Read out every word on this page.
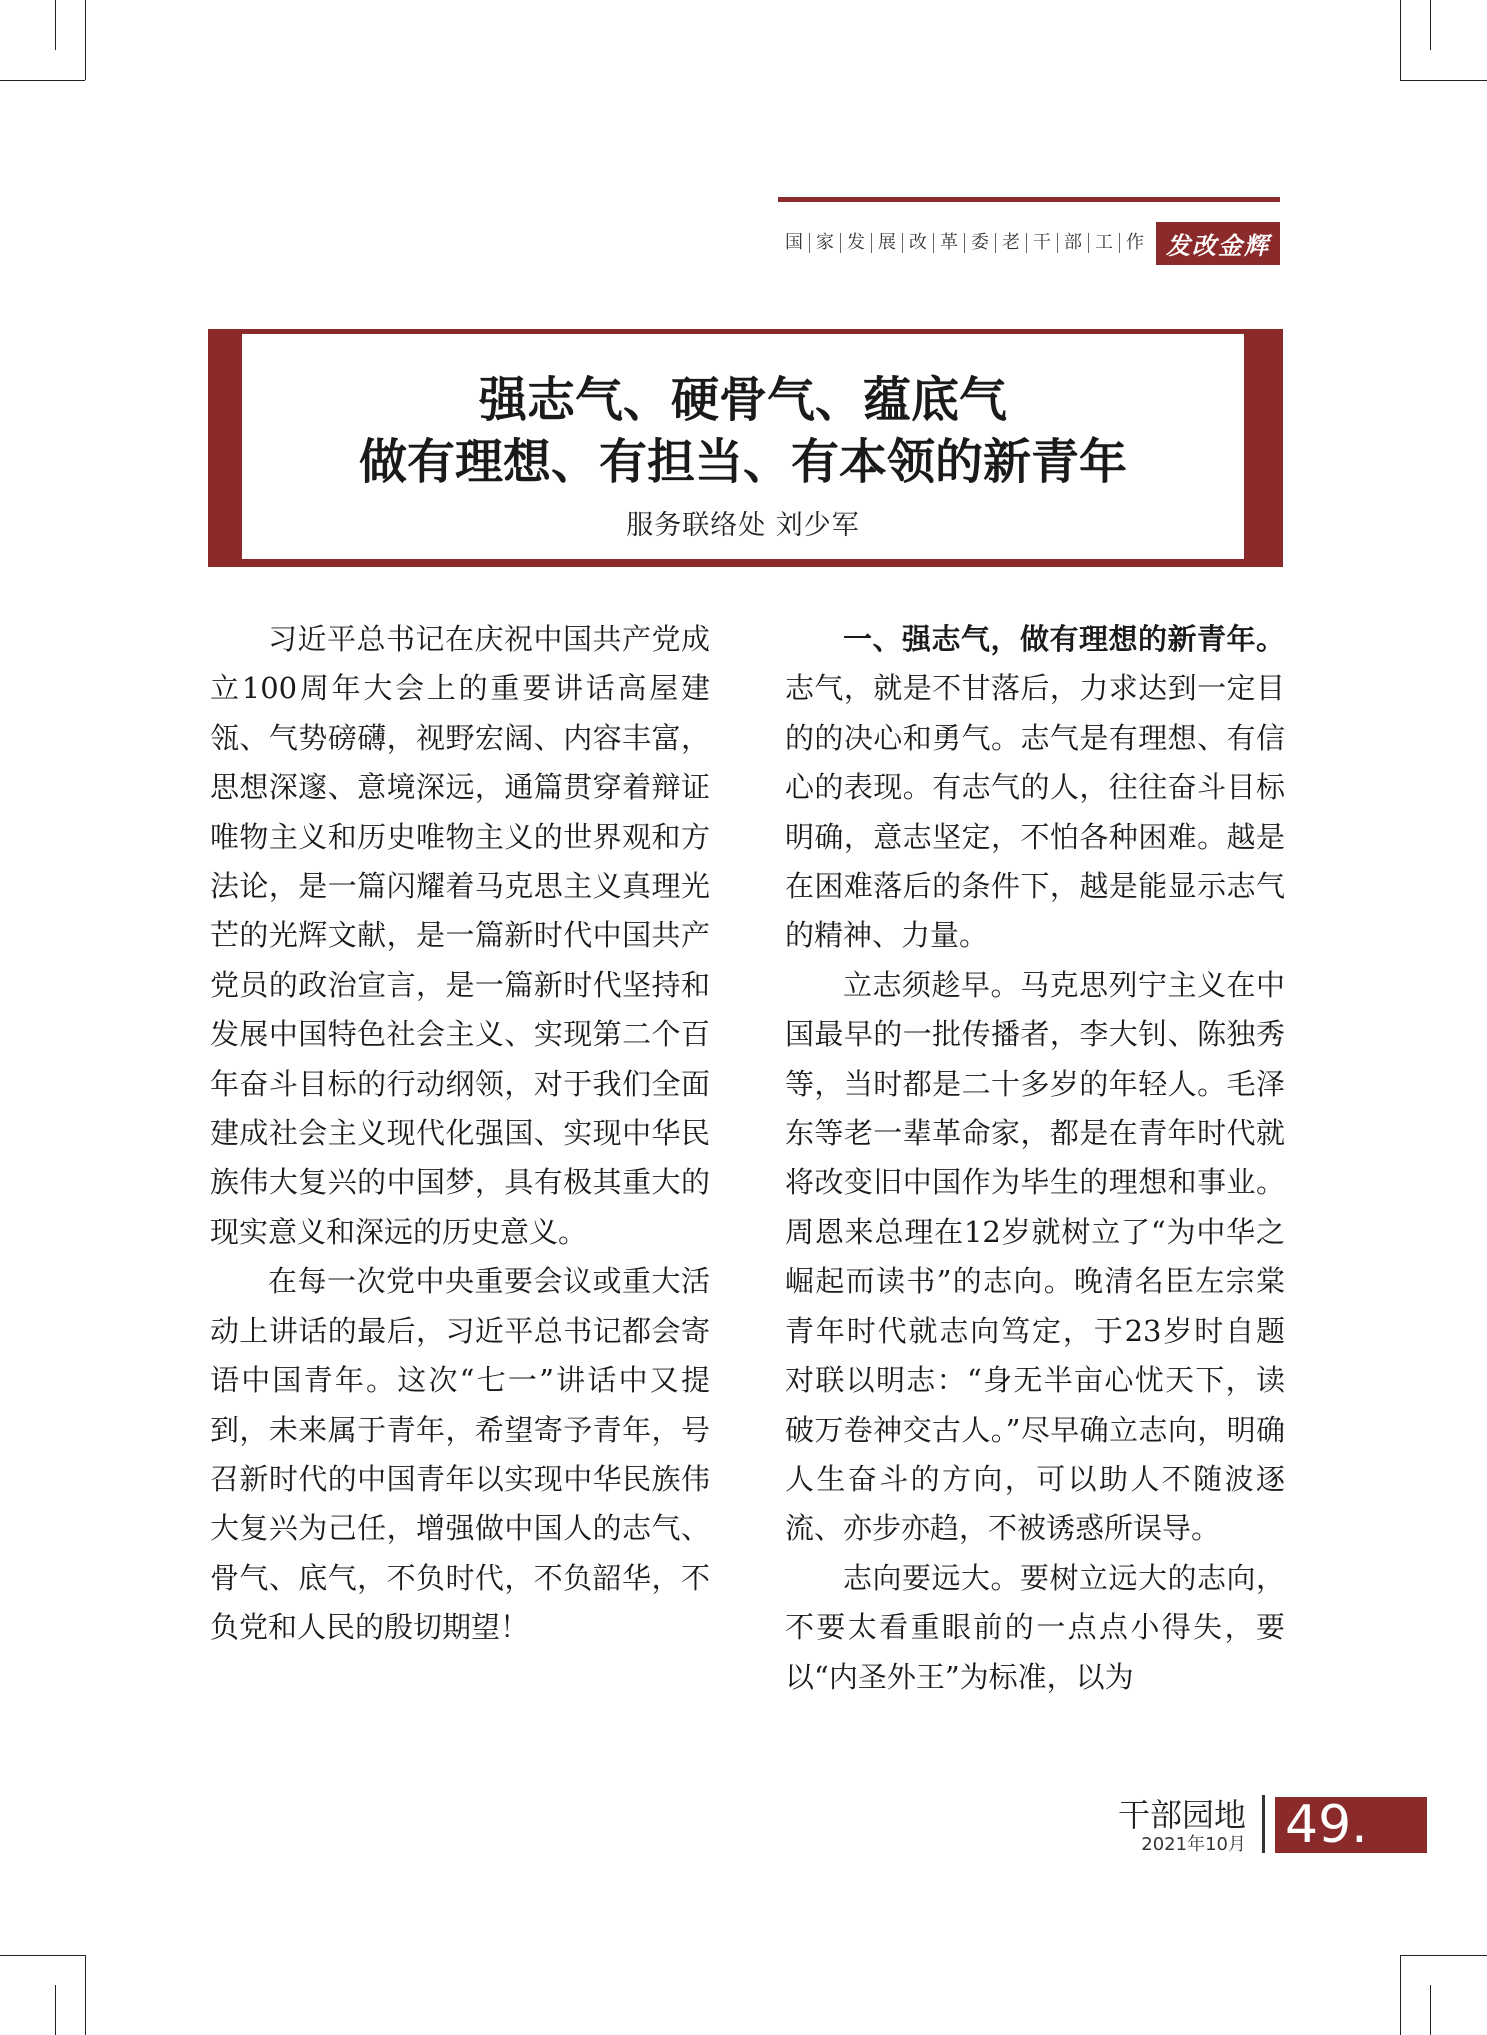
国 家 发 展 改 革 委 老 干 部 工 作 发改金辉
强志气、硬骨气、蕴底气
做有理想、有担当、有本领的新青年
服务联络处 刘少军

习近平总书记在庆祝中国共产党成立100周年大会上的重要讲话高屋建瓴、气势磅礴，视野宏阔、内容丰富，思想深邃、意境深远，通篇贯穿着辩证唯物主义和历史唯物主义的世界观和方法论，是一篇闪耀着马克思主义真理光芒的光辉文献，是一篇新时代中国共产党员的政治宣言，是一篇新时代坚持和发展中国特色社会主义、实现第二个百年奋斗目标的行动纲领，对于我们全面建成社会主义现代化强国、实现中华民族伟大复兴的中国梦，具有极其重大的现实意义和深远的历史意义。

在每一次党中央重要会议或重大活动上讲话的最后，习近平总书记都会寄语中国青年。这次“七一”讲话中又提到，未来属于青年，希望寄予青年，号召新时代的中国青年以实现中华民族伟大复兴为己任，增强做中国人的志气、骨气、底气，不负时代，不负韶华，不负党和人民的殷切期望！

一、强志气，做有理想的新青年。志气，就是不甘落后，力求达到一定目的的决心和勇气。志气是有理想、有信心的表现。有志气的人，往往奋斗目标明确，意志坚定，不怕各种困难。越是在困难落后的条件下，越是能显示志气的精神、力量。

立志须趁早。马克思列宁主义在中国最早的一批传播者，李大钊、陈独秀等，当时都是二十多岁的年轻人。毛泽东等老一辈革命家，都是在青年时代就将改变旧中国作为毕生的理想和事业。周恩来总理在12岁就树立了“为中华之崛起而读书”的志向。晚清名臣左宗棠青年时代就志向笃定，于23岁时自题对联以明志：“身无半亩心忧天下，读破万卷神交古人。”尽早确立志向，明确人生奋斗的方向，可以助人不随波逐流、亦步亦趋，不被诱惑所误导。

志向要远大。要树立远大的志向，不要太看重眼前的一点点小得失，要以“内圣外王”为标准，以为

干部园地
2021年10月 49.
